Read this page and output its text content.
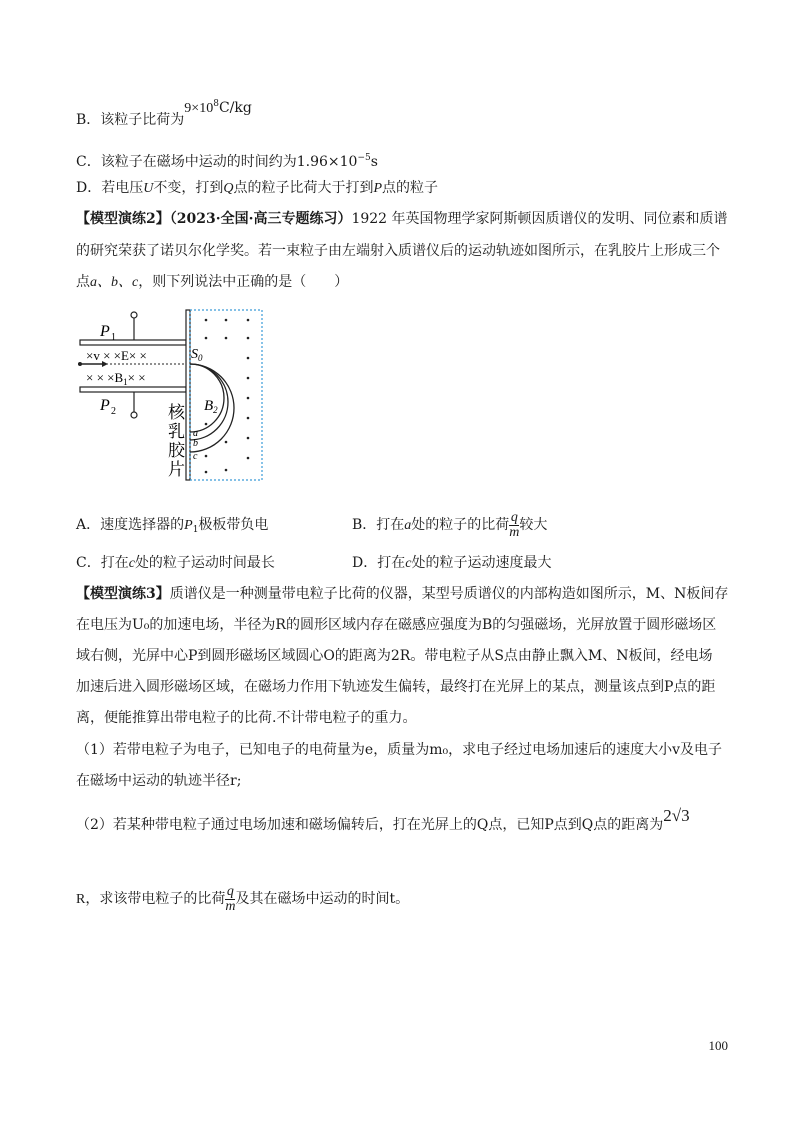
B．该粒子比荷为$9\times 10^8C/kg$
C．该粒子在磁场中运动的时间约为$1.96\times 10^{-5}s$
D．若电压U不变，打到Q点的粒子比荷大于打到P点的粒子
【模型演练2】（2023·全国·高三专题练习）1922 年英国物理学家阿斯顿因质谱仪的发明、同位素和质谱
的研究荣获了诺贝尔化学奖。若一束粒子由左端射入质谱仪后的运动轨迹如图所示，在乳胶片上形成三个
点a、b、c，则下列说法中正确的是（　　）
P 1
P 2
×v × ×E× ×
× × $\times B_1\times$ ×
$S_0$
$B_2$
a
b
c
核
乳
胶
片
A．速度选择器的$P_1$极板带负电	B．打在a处的粒子的比荷 $\frac{q}{m}$ 较大
C．打在c处的粒子运动时间最长	D．打在c处的粒子运动速度最大
【模型演练3】质谱仪是一种测量带电粒子比荷的仪器，某型号质谱仪的内部构造如图所示，M、N板间存
在电压为U₀的加速电场，半径为R的圆形区域内存在磁感应强度为B的匀强磁场，光屏放置于圆形磁场区
域右侧，光屏中心P到圆形磁场区域圆心O的距离为2R。带电粒子从S点由静止飘入M、N板间，经电场
加速后进入圆形磁场区域，在磁场力作用下轨迹发生偏转，最终打在光屏上的某点，测量该点到P点的距
离，便能推算出带电粒子的比荷.不计带电粒子的重力。
（1）若带电粒子为电子，已知电子的电荷量为e，质量为m₀，求电子经过电场加速后的速度大小v及电子
在磁场中运动的轨迹半径r;
（2）若某种带电粒子通过电场加速和磁场偏转后，打在光屏上的Q点，已知P点到Q点的距离为2√3
R，求该带电粒子的比荷 $\frac{q}{m}$ 及其在磁场中运动的时间t。
100
